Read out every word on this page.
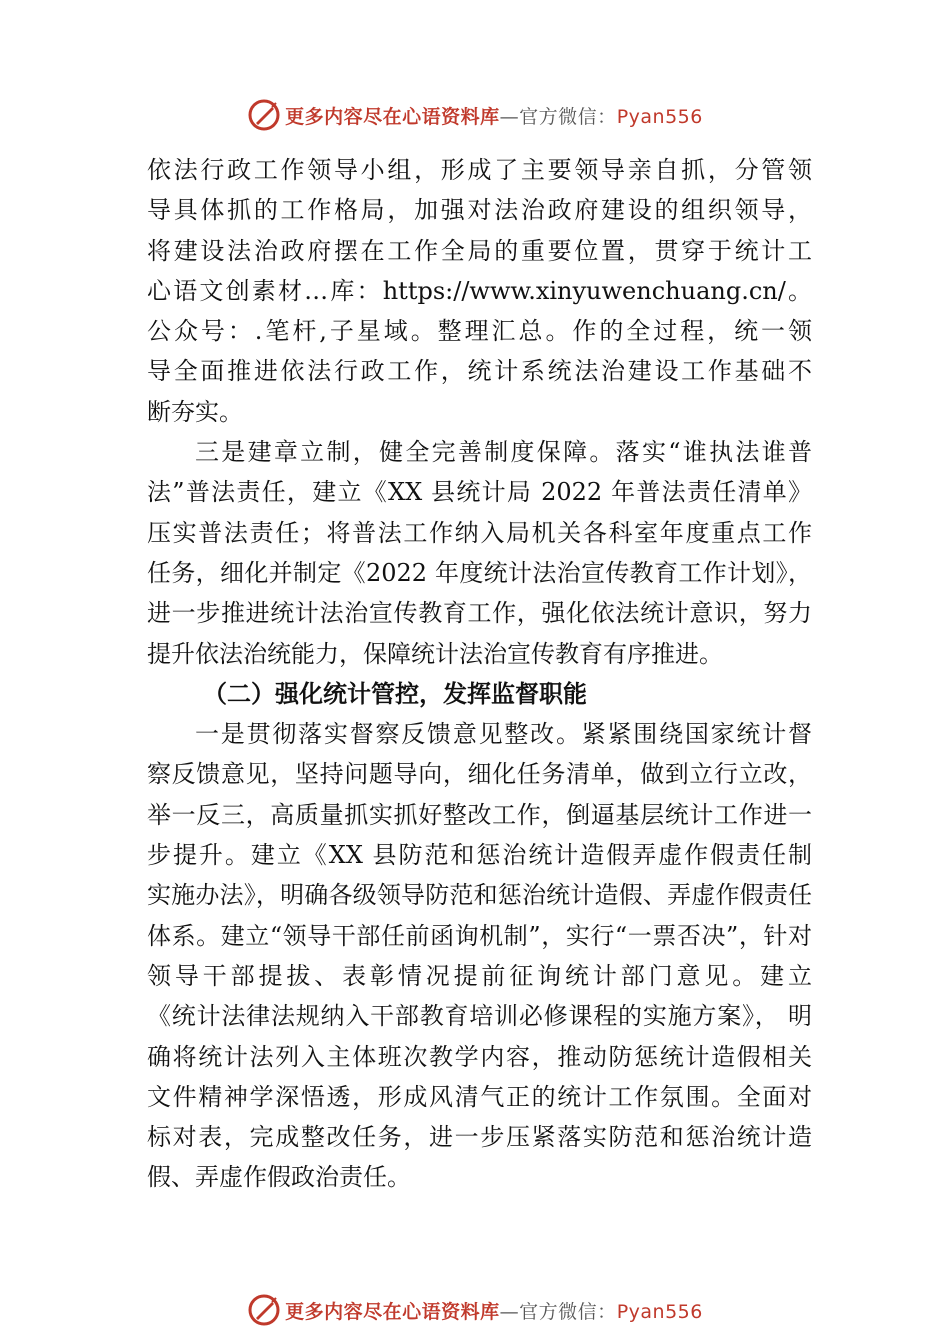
更多内容尽在心语资料库—官方微信：Pyan556
依法行政工作领导小组，形成了主要领导亲自抓，分管领
导具体抓的工作格局，加强对法治政府建设的组织领导，
将建设法治政府摆在工作全局的重要位置，贯穿于统计工
心语文创素材…库：https://www.xinyuwenchuang.cn/。
公众号：.笔杆,子星域。整理汇总。作的全过程，统一领
导全面推进依法行政工作，统计系统法治建设工作基础不
断夯实。
三是建章立制，健全完善制度保障。落实“谁执法谁普
法”普法责任，建立《XX 县统计局 2022 年普法责任清单》
压实普法责任；将普法工作纳入局机关各科室年度重点工作
任务，细化并制定《2022 年度统计法治宣传教育工作计划》，
进一步推进统计法治宣传教育工作，强化依法统计意识，努力
提升依法治统能力，保障统计法治宣传教育有序推进。
（二）强化统计管控，发挥监督职能
一是贯彻落实督察反馈意见整改。紧紧围绕国家统计督
察反馈意见，坚持问题导向，细化任务清单，做到立行立改，
举一反三，高质量抓实抓好整改工作，倒逼基层统计工作进一
步提升。建立《XX 县防范和惩治统计造假弄虚作假责任制
实施办法》，明确各级领导防范和惩治统计造假、弄虚作假责任
体系。建立“领导干部任前函询机制”，实行“一票否决”，针对
领导干部提拔、表彰情况提前征询统计部门意见。建立
《统计法律法规纳入干部教育培训必修课程的实施方案》， 明
确将统计法列入主体班次教学内容，推动防惩统计造假相关
文件精神学深悟透，形成风清气正的统计工作氛围。全面对
标对表，完成整改任务，进一步压紧落实防范和惩治统计造
假、弄虚作假政治责任。
更多内容尽在心语资料库—官方微信：Pyan556
